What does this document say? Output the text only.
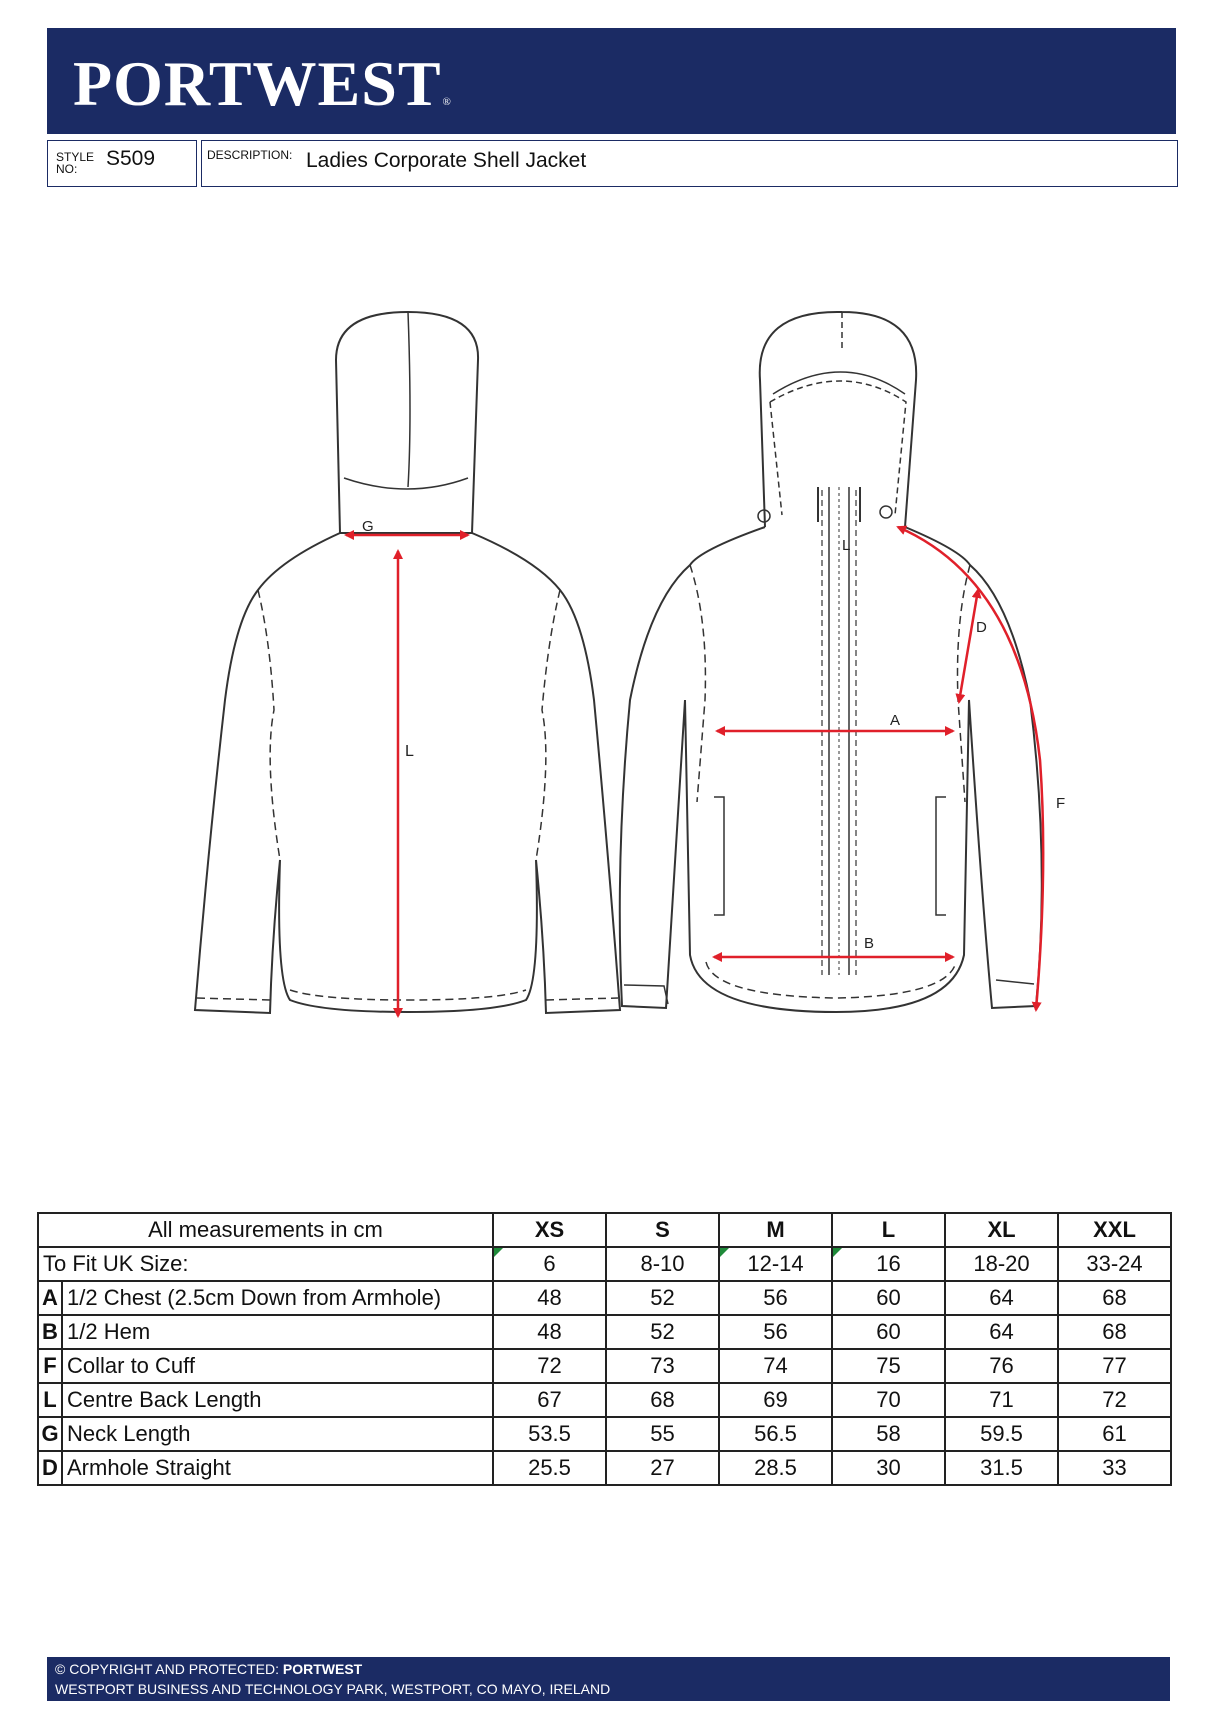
PORTWEST®
STYLE NO:	S509	DESCRIPTION: Ladies Corporate Shell Jacket
G
L
L
D
A
F
B
All measurements in cm		XS	S	M	L	XL	XXL
To Fit UK Size:		6	8-10	12-14	16	18-20	33-24
A	1/2 Chest (2.5cm Down from Armhole)	48	52	56	60	64	68
B	1/2 Hem	48	52	56	60	64	68
F	Collar to Cuff	72	73	74	75	76	77
L	Centre Back Length	67	68	69	70	71	72
G	Neck Length	53.5	55	56.5	58	59.5	61
D	Armhole Straight	25.5	27	28.5	30	31.5	33
© COPYRIGHT AND PROTECTED: PORTWEST
WESTPORT BUSINESS AND TECHNOLOGY PARK, WESTPORT, CO MAYO, IRELAND
